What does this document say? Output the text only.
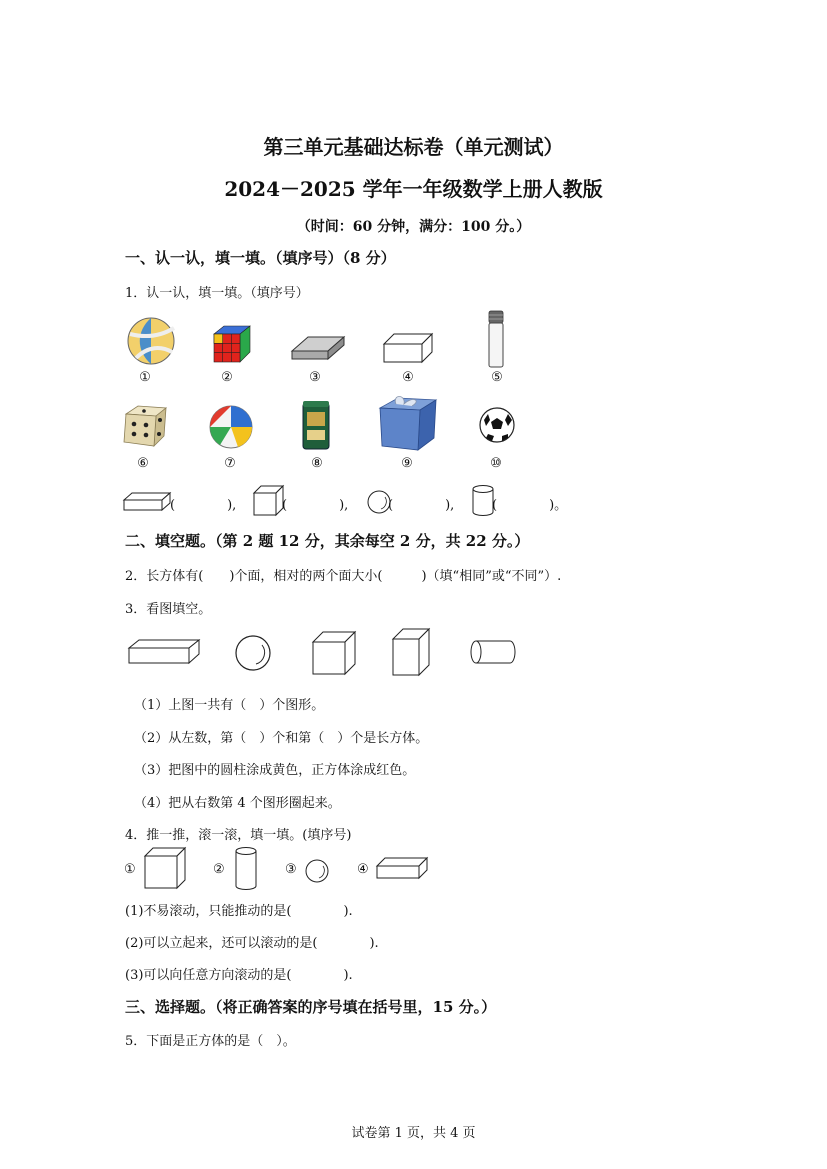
第三单元基础达标卷（单元测试）
2024－2025 学年一年级数学上册人教版
（时间：60 分钟，满分：100 分。）
一、认一认，填一填。（填序号）（8 分）
1．认一认，填一填。（填序号）
①	②	③	④	⑤
⑥	⑦	⑧	⑨	⑩
(　　　　),	(　　　　),	(　　　　),	(　　　　)。
二、填空题。（第 2 题 12 分，其余每空 2 分，共 22 分。）
2．长方体有(　　)个面，相对的两个面大小(　　　)（填“相同”或“不同”）.
3．看图填空。
（1）上图一共有（　）个图形。
（2）从左数，第（　）个和第（　）个是长方体。
（3）把图中的圆柱涂成黄色，正方体涂成红色。
（4）把从右数第 4 个图形圈起来。
4．推一推，滚一滚，填一填。(填序号)
①	②	③	④
(1)不易滚动，只能推动的是(　　　　).
(2)可以立起来，还可以滚动的是(　　　　).
(3)可以向任意方向滚动的是(　　　　).
三、选择题。（将正确答案的序号填在括号里，15 分。）
5．下面是正方体的是（　）。
试卷第 1 页，共 4 页
